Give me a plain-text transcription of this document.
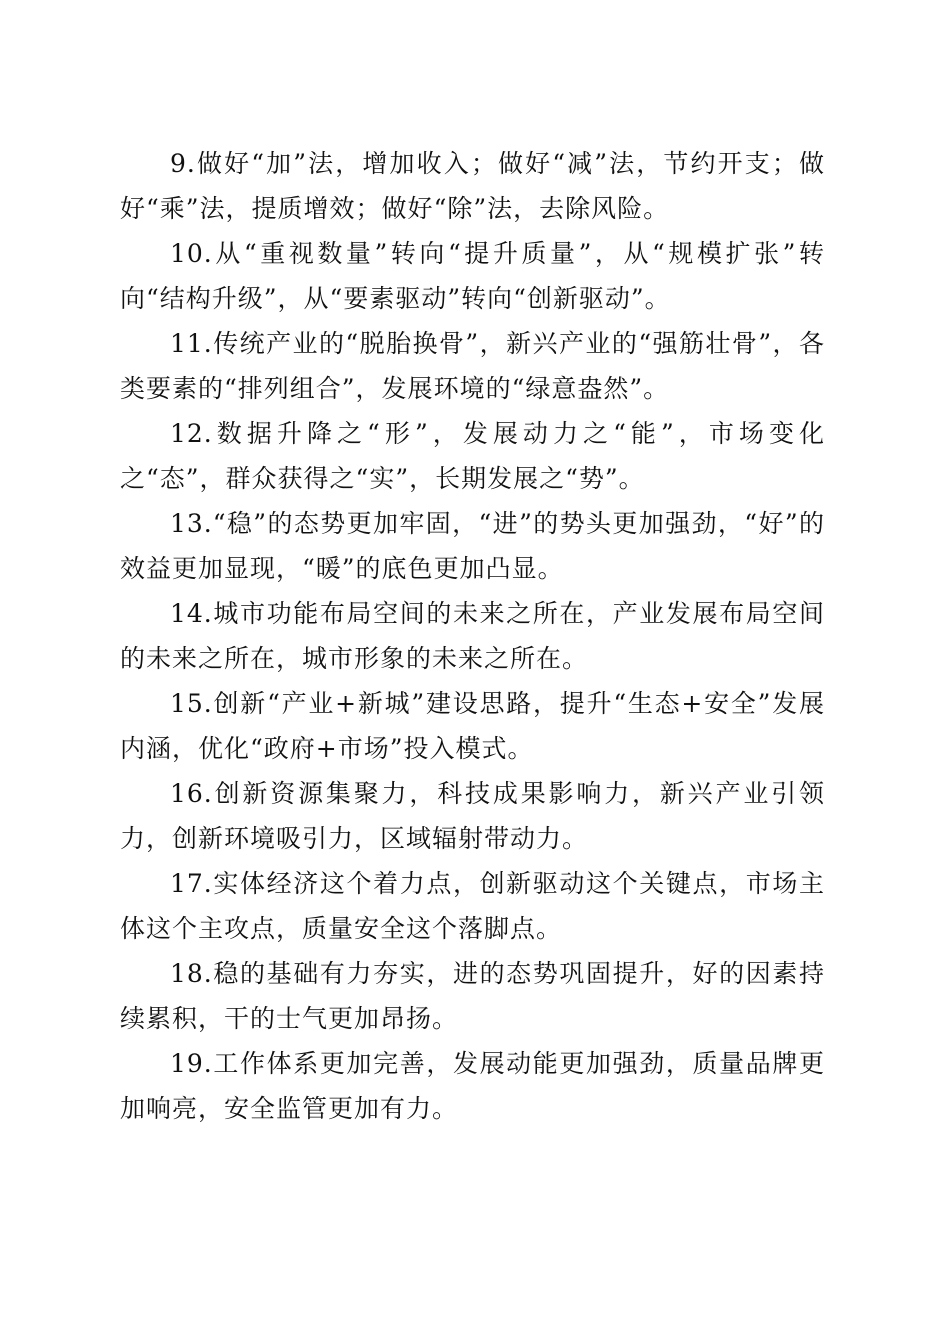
9.做好“加”法，增加收入；做好“减”法，节约开支；做好“乘”法，提质增效；做好“除”法，去除风险。

10.从“重视数量”转向“提升质量”，从“规模扩张”转向“结构升级”，从“要素驱动”转向“创新驱动”。

11.传统产业的“脱胎换骨”，新兴产业的“强筋壮骨”，各类要素的“排列组合”，发展环境的“绿意盎然”。

12.数据升降之“形”，发展动力之“能”，市场变化之“态”，群众获得之“实”，长期发展之“势”。

13.“稳”的态势更加牢固，“进”的势头更加强劲，“好”的效益更加显现，“暖”的底色更加凸显。

14.城市功能布局空间的未来之所在，产业发展布局空间的未来之所在，城市形象的未来之所在。

15.创新“产业+新城”建设思路，提升“生态+安全”发展内涵，优化“政府+市场”投入模式。

16.创新资源集聚力，科技成果影响力，新兴产业引领力，创新环境吸引力，区域辐射带动力。

17.实体经济这个着力点，创新驱动这个关键点，市场主体这个主攻点，质量安全这个落脚点。

18.稳的基础有力夯实，进的态势巩固提升，好的因素持续累积，干的士气更加昂扬。

19.工作体系更加完善，发展动能更加强劲，质量品牌更加响亮，安全监管更加有力。
